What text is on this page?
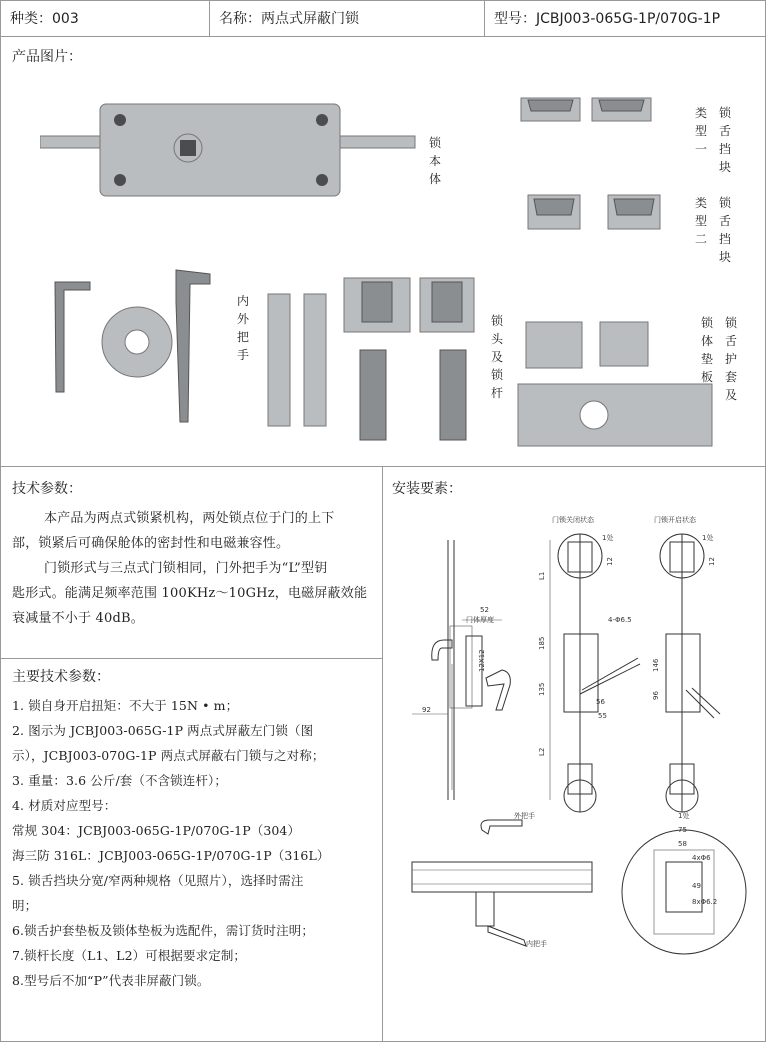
种类：003	名称：两点式屏蔽门锁	型号：JCBJ003-065G-1P/070G-1P
产品图片：
锁本体
类型一
锁舌挡块
类型二
锁舌挡块
内外把手
锁头及锁杆
锁体垫板
锁舌护套及
技术参数：
本产品为两点式锁紧机构，两处锁点位于门的上下
部，锁紧后可确保舱体的密封性和电磁兼容性。
门锁形式与三点式门锁相同，门外把手为“L”型钥
匙形式。能满足频率范围 100KHz～10GHz，电磁屏蔽效能
衰减量不小于 40dB。
主要技术参数：
1. 锁自身开启扭矩：不大于 15N • m；
2. 图示为 JCBJ003-065G-1P 两点式屏蔽左门锁（图
示），JCBJ003-070G-1P 两点式屏蔽右门锁与之对称；
3. 重量：3.6 公斤/套（不含锁连杆）；
4. 材质对应型号：
常规 304：JCBJ003-065G-1P/070G-1P（304）
海三防 316L：JCBJ003-065G-1P/070G-1P（316L）
5. 锁舌挡块分宽/窄两种规格（见照片），选择时需注
明；
6.锁舌护套垫板及锁体垫板为选配件，需订货时注明；
7.锁杆长度（L1、L2）可根据要求定制；
8.型号后不加“P”代表非屏蔽门锁。
安装要素：
92
52
门体厚度
12X12
门锁关闭状态
L1
185
135
L2
4-Φ6.5
56
55
12
1处
门锁开启状态
146
96
12
1处
外把手
内把手
1处
75
58
4xΦ6
49
8xΦ6.2
